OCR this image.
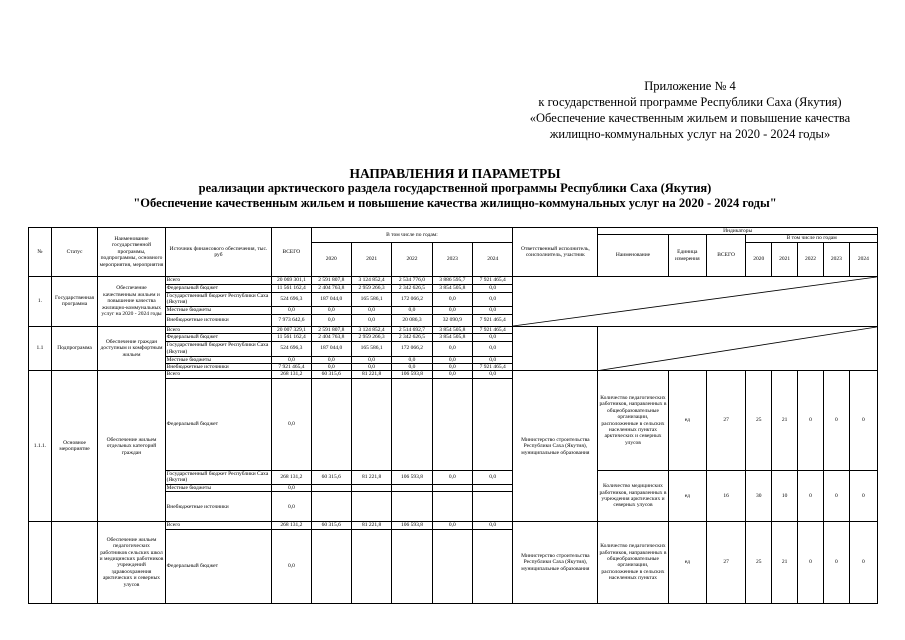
Приложение № 4
к государственной программе Республики Саха (Якутия)
«Обеспечение качественным жильем и повышение качества
жилищно-коммунальных услуг на 2020 - 2024 годы»
НАПРАВЛЕНИЯ И ПАРАМЕТРЫ
реализации арктического раздела государственной программы Республики Саха (Якутия)
"Обеспечение качественным жильем и повышение качества жилищно-коммунальных услуг на 2020 - 2024 годы"
№	Статус	Наименование государственной программы, подпрограммы, основного мероприятия, мероприятия	Источник финансового обеспечения, тыс. руб	ВСЕГО	В том числе по годам:					Ответственный исполнитель, соисполнитель, участник	Индикаторы							
											Наименование	Единица измерения	ВСЕГО	В том числе по годам				
					2020	2021	2022	2023	2024					2020	2021	2022	2023	2024
1.	Государственная программа	Обеспечение качественным жильем и повышение качества жилищно-коммунальных услуг на 2020 - 2024 годы	Всего	20 069 301,1	2 591 807,8	3 124 852,4	2 534 776,0	3 886 595,7	7 921 465,4	

			Федеральный бюджет	11 561 162,4	2 404 763,8	2 959 266,3	2 342 626,5	3 854 505,8	0,0									
			Государственный бюджет Республики Саха (Якутия)	524 696,3	187 044,0	165 586,1	172 066,2	0,0	0,0									
			Местные бюджеты	0,0	0,0	0,0	0,0	0,0	0,0									
			Внебюджетные источники	7 973 642,6	0,0	0,0	20 086,3	32 090,9	7 921 465,4									
1.1	Подпрограмма	Обеспечение граждан доступным и комфортным жильем	Всего	20 007 329,1	2 591 807,8	3 124 852,4	2 514 692,7	3 854 505,8	7 921 465,4		

			Федеральный бюджет	11 561 162,4	2 404 763,8	2 959 266,3	2 342 626,5	3 854 505,8	0,0									
			Государственный бюджет Республики Саха (Якутия)	524 696,3	187 044,0	165 586,1	172 066,2	0,0	0,0									
			Местные бюджеты	0,0	0,0	0,0	0,0	0,0	0,0									
			Внебюджетные источники	7 921 465,4	0,0	0,0	0,0	0,0	7 921 465,4									
1.1.1.	Основное мероприятие	Обеспечение жильем отдельных категорий граждан	Всего	268 131,2	60 315,6	81 221,8	106 593,8	0,0	0,0	Министерство строительства Республики Саха (Якутия), муниципальные образования	Количество педагогических работников, направленных в общеобразовательные организации, расположенные в сельских населенных пунктах арктических и северных улусов	ед	27	25	21	0	0	0
			Федеральный бюджет	0,0														
			Государственный бюджет Республики Саха (Якутия)	268 131,2	60 315,6	81 221,8	106 593,8	0,0	0,0		Количество медицинских работников, направленных в учреждения арктических и северных улусов	ед	16	30	10	0	0	0
			Местные бюджеты	0,0														
			Внебюджетные источники	0,0														
		Обеспечение жильем педагогических работников сельских школ и медицинских работников учреждений здравоохранения арктических и северных улусов	Всего	268 131,2	60 315,6	81 221,8	106 593,8	0,0	0,0	Министерство строительства Республики Саха (Якутия), муниципальные образования	Количество педагогических работников, направленных в общеобразовательные организации, расположенные в сельских населенных пунктах	ед	27	25	21	0	0	0
			Федеральный бюджет	0,0														
